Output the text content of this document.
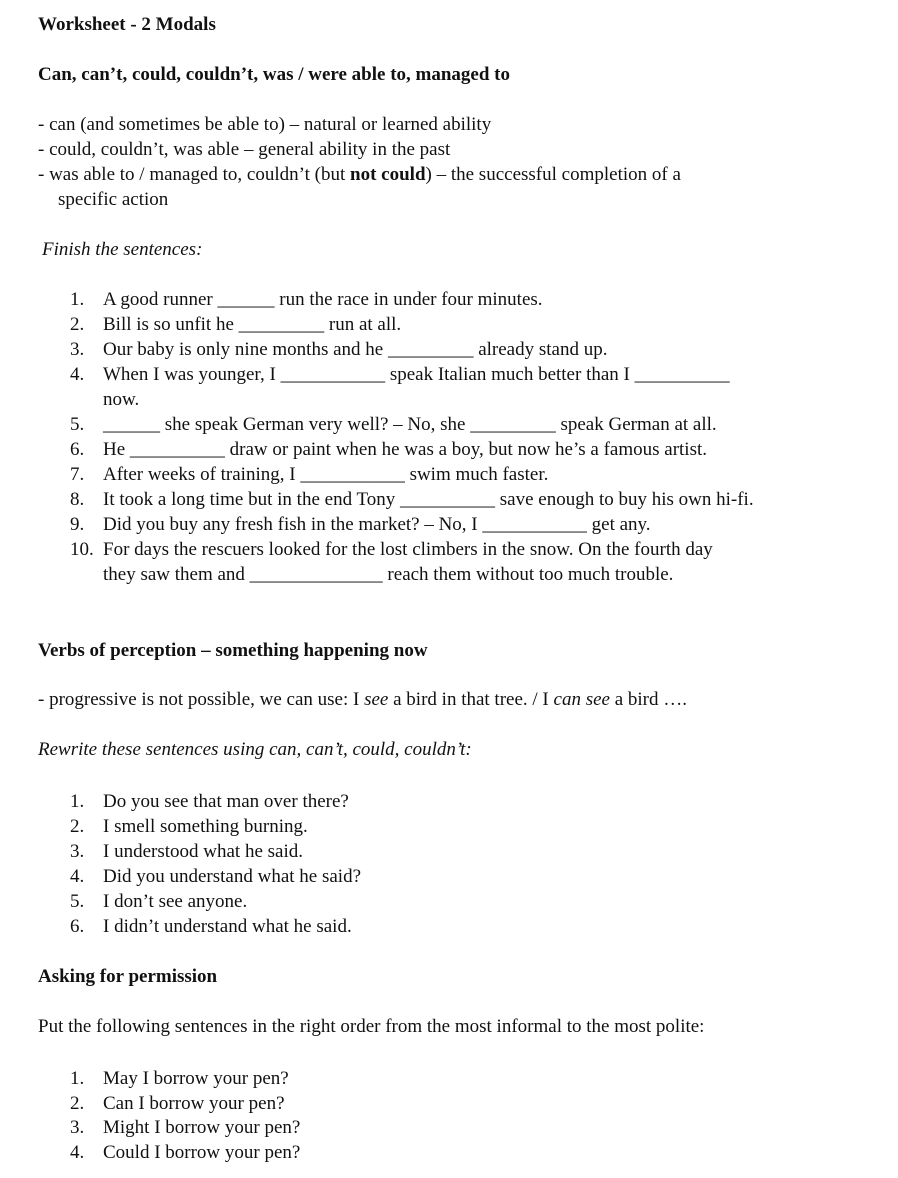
Worksheet - 2 Modals
Can, can’t, could, couldn’t, was / were able to, managed to
- can (and sometimes be able to) – natural or learned ability
- could, couldn’t, was able – general ability in the past
- was able to / managed to, couldn’t (but not could) – the successful completion of a
specific action
Finish the sentences:
1. A good runner ______ run the race in under four minutes.
2. Bill is so unfit he _________ run at all.
3. Our baby is only nine months and he _________ already stand up.
4. When I was younger, I ___________ speak Italian much better than I __________
now.
5. ______ she speak German very well? – No, she _________ speak German at all.
6. He __________ draw or paint when he was a boy, but now he’s a famous artist.
7. After weeks of training, I ___________ swim much faster.
8. It took a long time but in the end Tony __________ save enough to buy his own hi-fi.
9. Did you buy any fresh fish in the market? – No, I ___________ get any.
10. For days the rescuers looked for the lost climbers in the snow. On the fourth day
they saw them and ______________ reach them without too much trouble.
Verbs of perception – something happening now
- progressive is not possible, we can use: I see a bird in that tree. / I can see a bird ….
Rewrite these sentences using can, can’t, could, couldn’t:
1. Do you see that man over there?
2. I smell something burning.
3. I understood what he said.
4. Did you understand what he said?
5. I don’t see anyone.
6. I didn’t understand what he said.
Asking for permission
Put the following sentences in the right order from the most informal to the most polite:
1. May I borrow your pen?
2. Can I borrow your pen?
3. Might I borrow your pen?
4. Could I borrow your pen?
